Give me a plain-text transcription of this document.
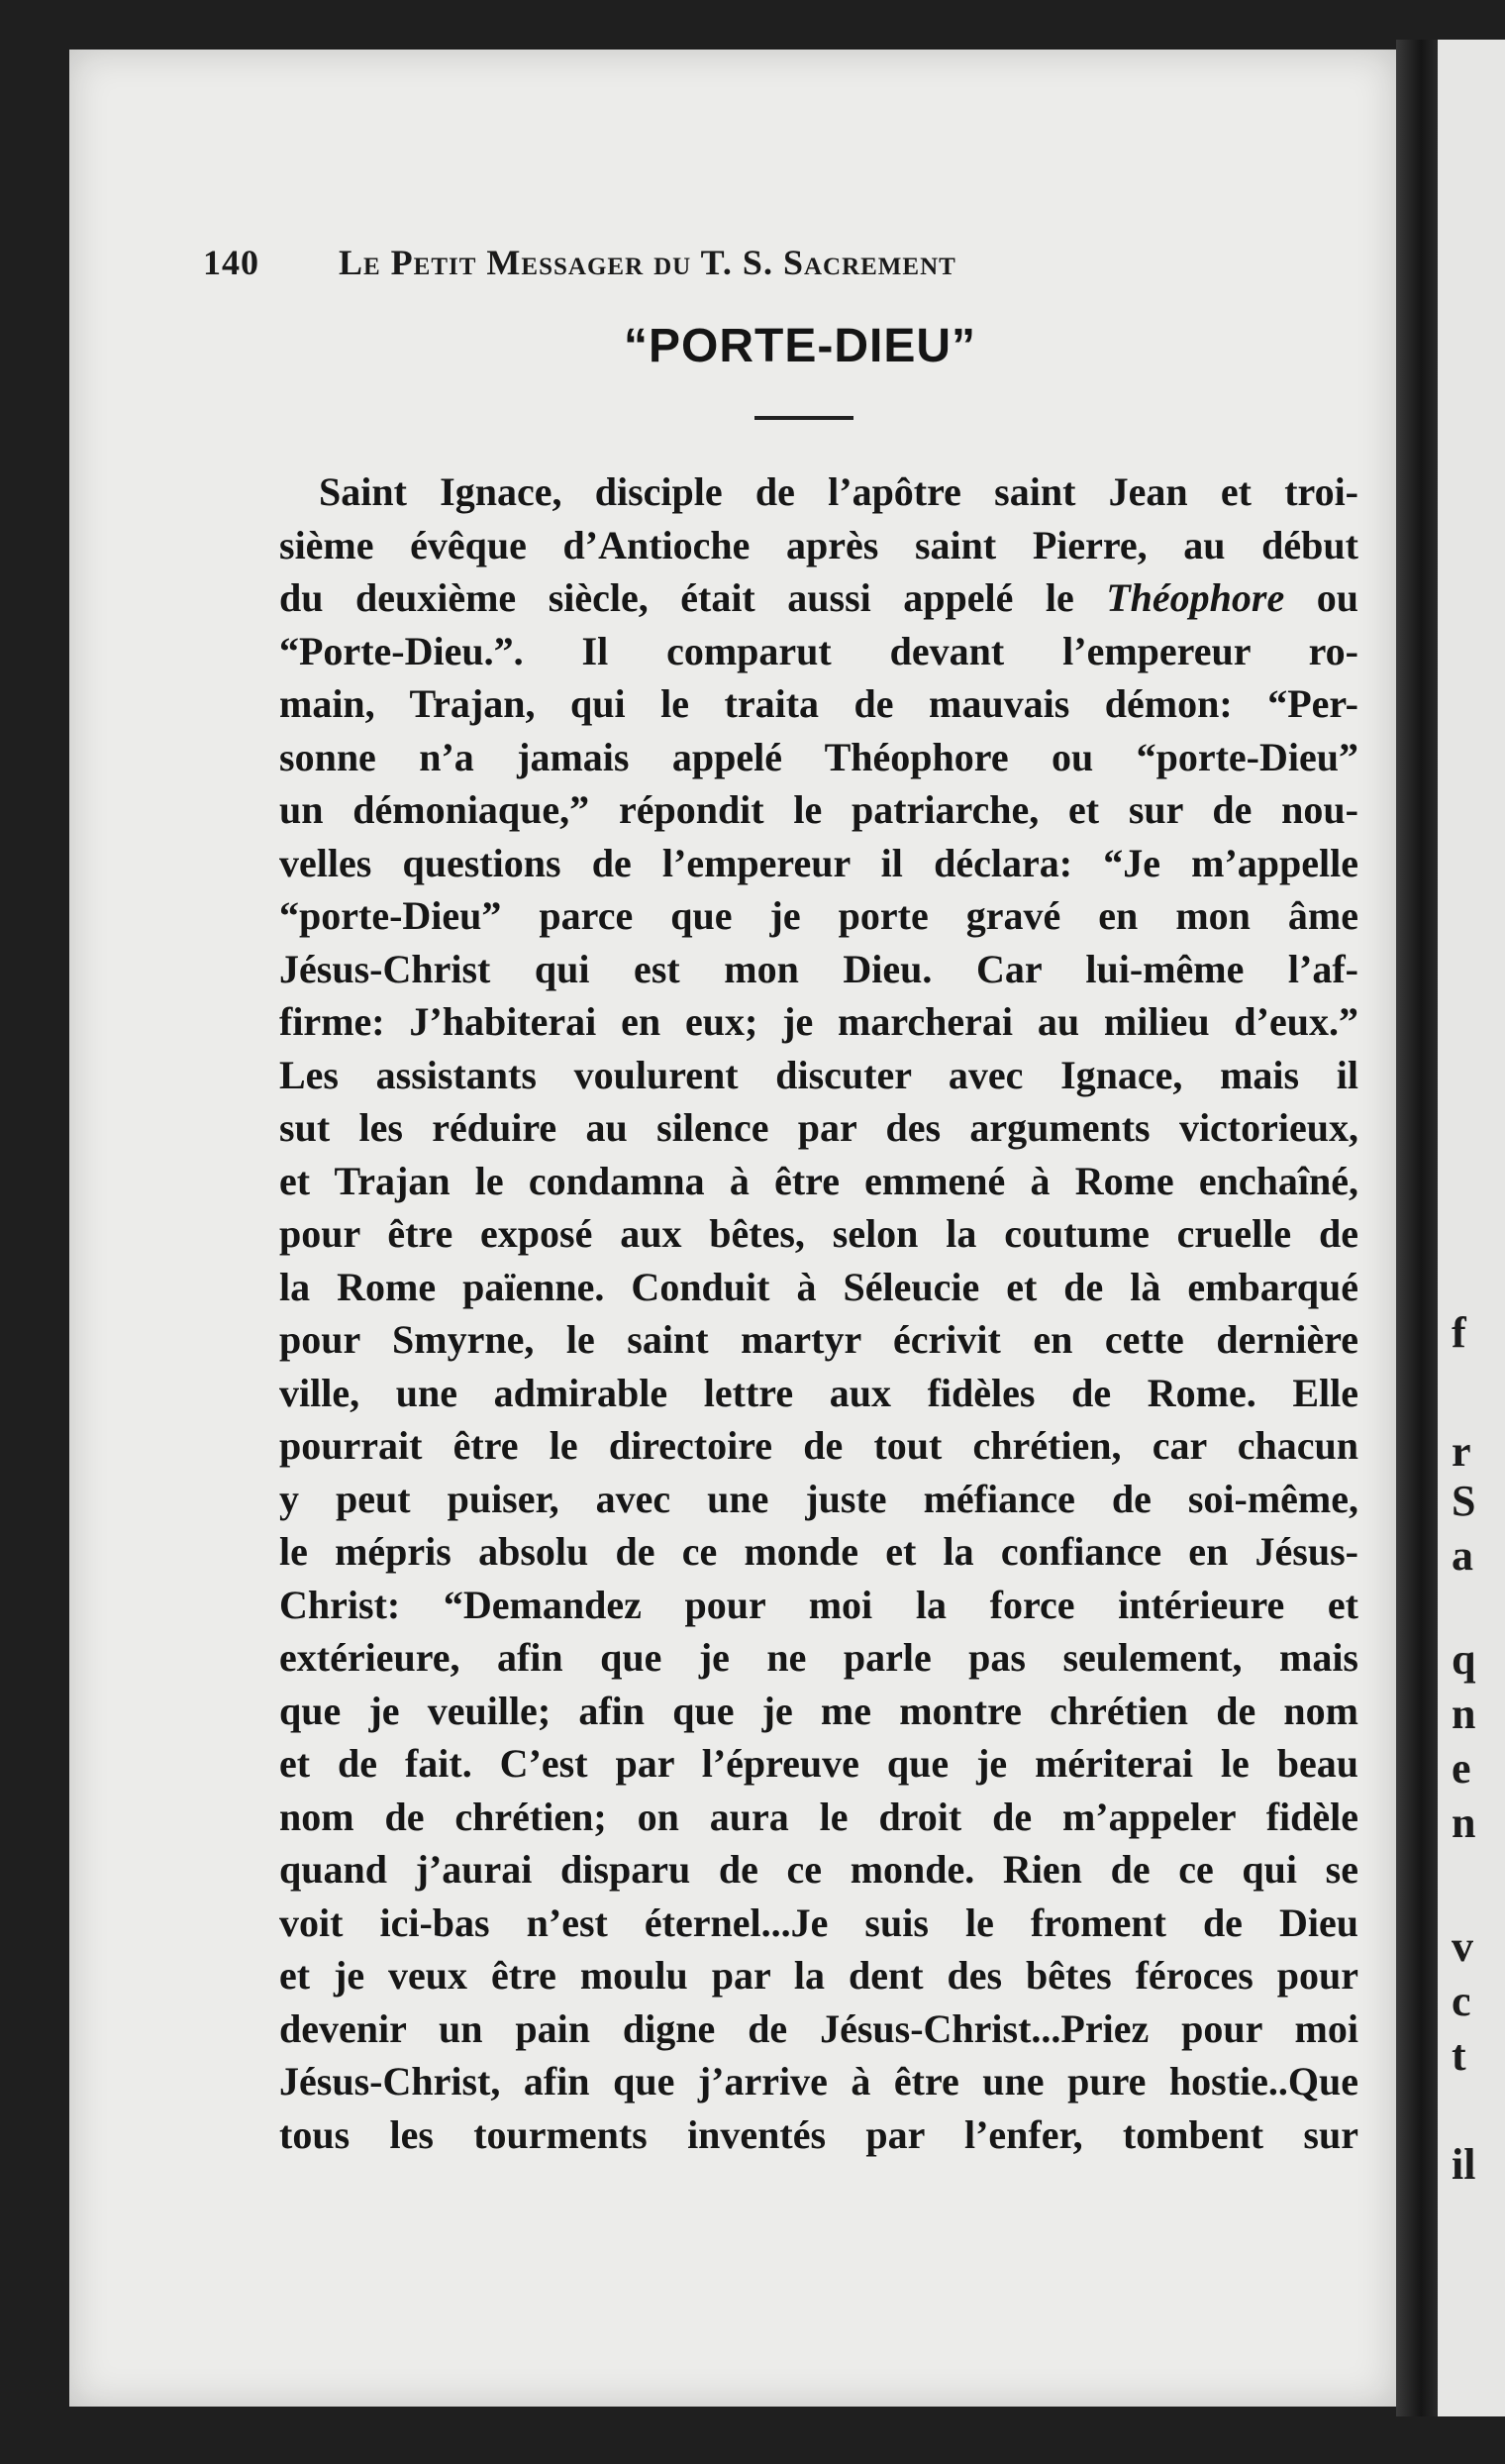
f
r
S
a
q
n
e
n
v
c
t
il
140 Le Petit Messager du T. S. Sacrement
“PORTE-DIEU”
Saint Ignace, disciple de l’apôtre saint Jean et troi-
sième évêque d’Antioche après saint Pierre, au début
du deuxième siècle, était aussi appelé le Théophore ou
“Porte-Dieu.”. Il comparut devant l’empereur ro-
main, Trajan, qui le traita de mauvais démon: “Per-
sonne n’a jamais appelé Théophore ou “porte-Dieu”
un démoniaque,” répondit le patriarche, et sur de nou-
velles questions de l’empereur il déclara: “Je m’appelle
“porte-Dieu” parce que je porte gravé en mon âme
Jésus-Christ qui est mon Dieu. Car lui-même l’af-
firme: J’habiterai en eux; je marcherai au milieu d’eux.”
Les assistants voulurent discuter avec Ignace, mais il
sut les réduire au silence par des arguments victorieux,
et Trajan le condamna à être emmené à Rome enchaîné,
pour être exposé aux bêtes, selon la coutume cruelle de
la Rome païenne. Conduit à Séleucie et de là embarqué
pour Smyrne, le saint martyr écrivit en cette dernière
ville, une admirable lettre aux fidèles de Rome. Elle
pourrait être le directoire de tout chrétien, car chacun
y peut puiser, avec une juste méfiance de soi-même,
le mépris absolu de ce monde et la confiance en Jésus-
Christ: “Demandez pour moi la force intérieure et
extérieure, afin que je ne parle pas seulement, mais
que je veuille; afin que je me montre chrétien de nom
et de fait. C’est par l’épreuve que je mériterai le beau
nom de chrétien; on aura le droit de m’appeler fidèle
quand j’aurai disparu de ce monde. Rien de ce qui se
voit ici-bas n’est éternel...Je suis le froment de Dieu
et je veux être moulu par la dent des bêtes féroces pour
devenir un pain digne de Jésus-Christ...Priez pour moi
Jésus-Christ, afin que j’arrive à être une pure hostie..Que
tous les tourments inventés par l’enfer, tombent sur
